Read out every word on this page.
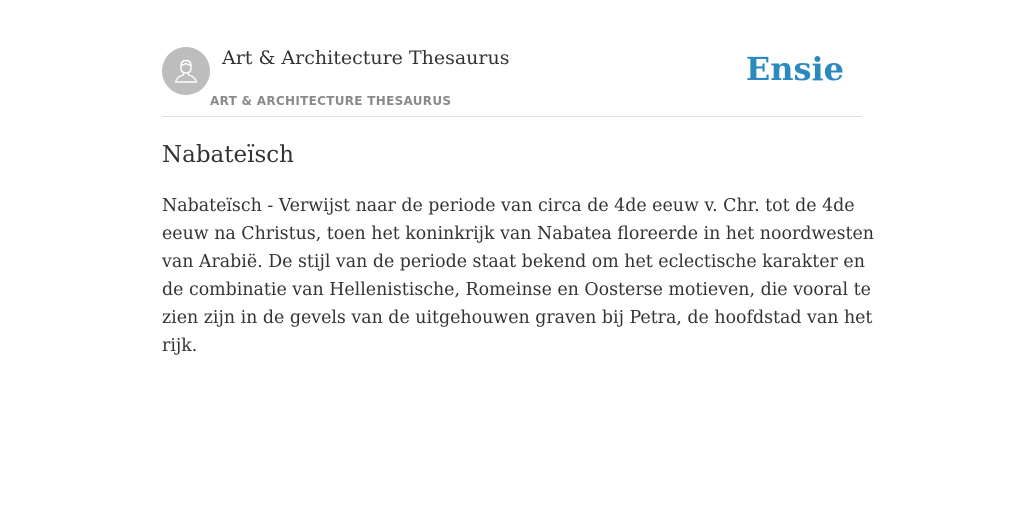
Art & Architecture Thesaurus
ART & ARCHITECTURE THESAURUS
Ensie
Nabateïsch

Nabateïsch - Verwijst naar de periode van circa de 4de eeuw v. Chr. tot de 4de
eeuw na Christus, toen het koninkrijk van Nabatea floreerde in het noordwesten
van Arabië. De stijl van de periode staat bekend om het eclectische karakter en
de combinatie van Hellenistische, Romeinse en Oosterse motieven, die vooral te
zien zijn in de gevels van de uitgehouwen graven bij Petra, de hoofdstad van het
rijk.
